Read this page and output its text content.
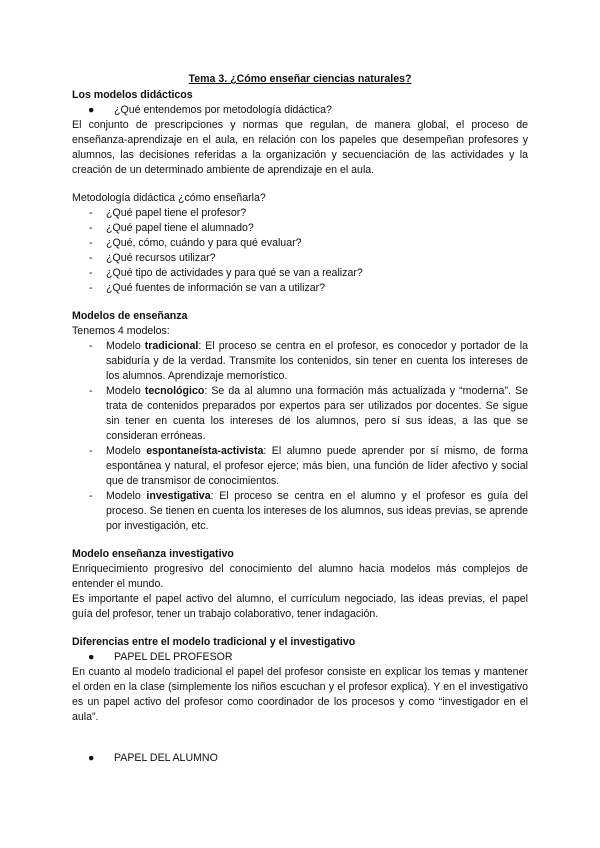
Tema 3. ¿Cómo enseñar ciencias naturales?

Los modelos didácticos

● ¿Qué entendemos por metodología didáctica?

El conjunto de prescripciones y normas que regulan, de manera global, el proceso de enseñanza-aprendizaje en el aula, en relación con los papeles que desempeñan profesores y alumnos, las decisiones referidas a la organización y secuenciación de las actividades y la creación de un determinado ambiente de aprendizaje en el aula.

Metodología didáctica ¿cómo enseñarla?

- ¿Qué papel tiene el profesor?

- ¿Qué papel tiene el alumnado?

- ¿Qué, cómo, cuándo y para qué evaluar?

- ¿Qué recursos utilizar?

- ¿Qué tipo de actividades y para qué se van a realizar?

- ¿Qué fuentes de información se van a utilizar?

Modelos de enseñanza

Tenemos 4 modelos:

- Modelo tradicional: El proceso se centra en el profesor, es conocedor y portador de la sabiduría y de la verdad. Transmite los contenidos, sin tener en cuenta los intereses de los alumnos. Aprendizaje memorístico.

- Modelo tecnológico: Se da al alumno una formación más actualizada y “moderna”. Se trata de contenidos preparados por expertos para ser utilizados por docentes. Se sigue sin tener en cuenta los intereses de los alumnos, pero sí sus ideas, a las que se consideran erróneas.

- Modelo espontaneísta-activista: El alumno puede aprender por sí mismo, de forma espontánea y natural, el profesor ejerce; más bien, una función de líder afectivo y social que de transmisor de conocimientos.

- Modelo investigativa: El proceso se centra en el alumno y el profesor es guía del proceso. Se tienen en cuenta los intereses de los alumnos, sus ideas previas, se aprende por investigación, etc.

Modelo enseñanza investigativo

Enriquecimiento progresivo del conocimiento del alumno hacia modelos más complejos de entender el mundo.

Es importante el papel activo del alumno, el currículum negociado, las ideas previas, el papel guía del profesor, tener un trabajo colaborativo, tener indagación.

Diferencias entre el modelo tradicional y el investigativo

● PAPEL DEL PROFESOR

En cuanto al modelo tradicional el papel del profesor consiste en explicar los temas y mantener el orden en la clase (simplemente los niños escuchan y el profesor explica). Y en el investigativo es un papel activo del profesor como coordinador de los procesos y como “investigador en el aula”.

● PAPEL DEL ALUMNO
